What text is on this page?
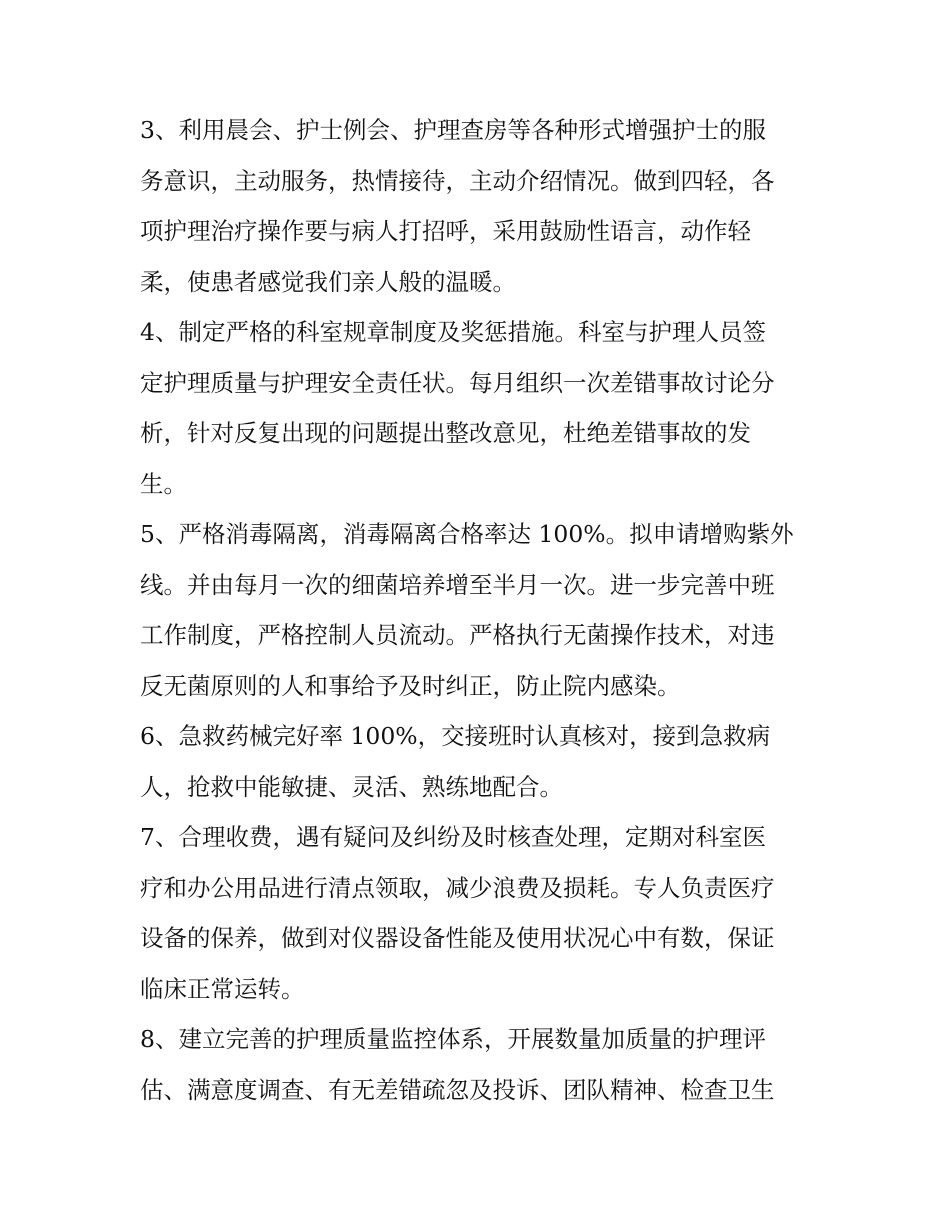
3、利用晨会、护士例会、护理查房等各种形式增强护士的服
务意识，主动服务，热情接待，主动介绍情况。做到四轻，各
项护理治疗操作要与病人打招呼，采用鼓励性语言，动作轻
柔，使患者感觉我们亲人般的温暖。
4、制定严格的科室规章制度及奖惩措施。科室与护理人员签
定护理质量与护理安全责任状。每月组织一次差错事故讨论分
析，针对反复出现的问题提出整改意见，杜绝差错事故的发
生。
5、严格消毒隔离，消毒隔离合格率达 100%。拟申请增购紫外
线。并由每月一次的细菌培养增至半月一次。进一步完善中班
工作制度，严格控制人员流动。严格执行无菌操作技术，对违
反无菌原则的人和事给予及时纠正，防止院内感染。
6、急救药械完好率 100%，交接班时认真核对，接到急救病
人，抢救中能敏捷、灵活、熟练地配合。
7、合理收费，遇有疑问及纠纷及时核查处理，定期对科室医
疗和办公用品进行清点领取，减少浪费及损耗。专人负责医疗
设备的保养，做到对仪器设备性能及使用状况心中有数，保证
临床正常运转。
8、建立完善的护理质量监控体系，开展数量加质量的护理评
估、满意度调查、有无差错疏忽及投诉、团队精神、检查卫生
